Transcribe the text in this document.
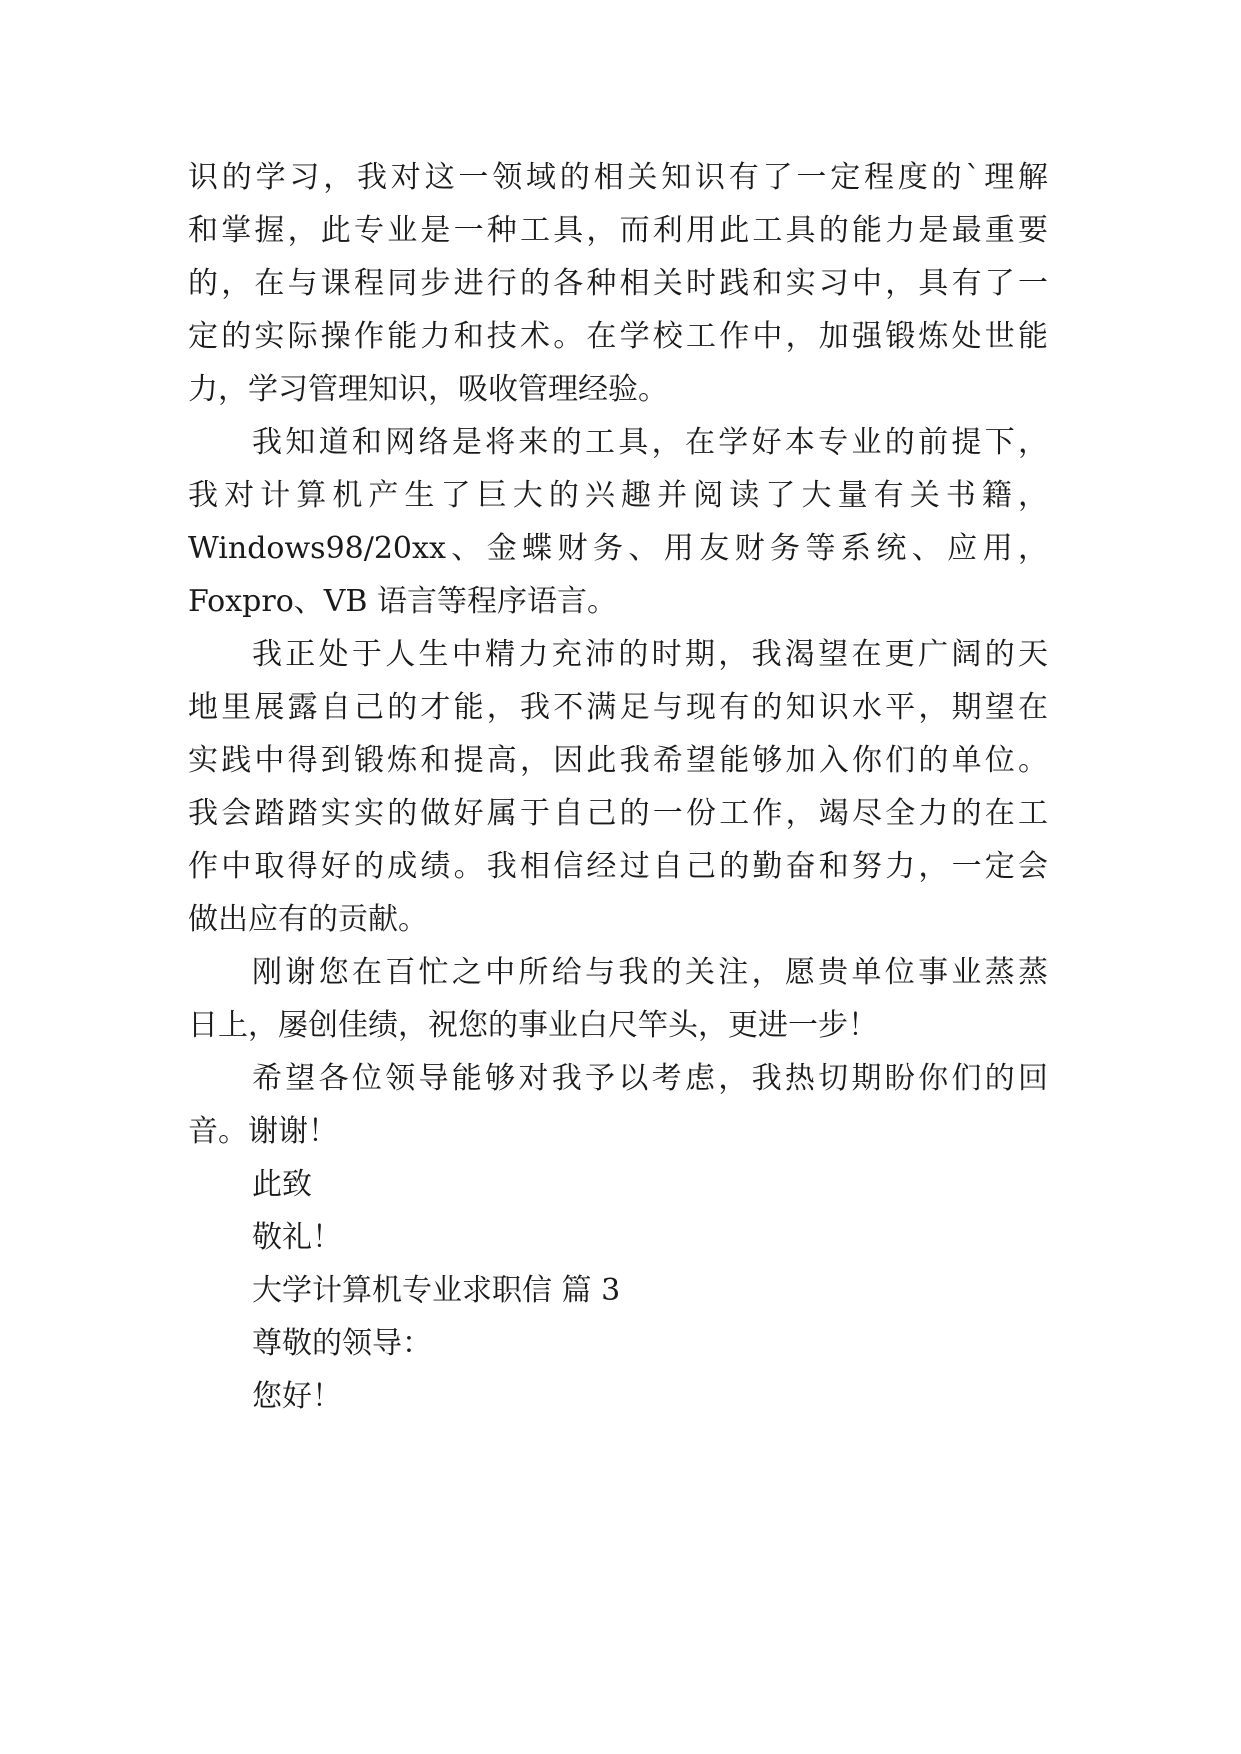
识的学习，我对这一领域的相关知识有了一定程度的`理解
和掌握，此专业是一种工具，而利用此工具的能力是最重要
的，在与课程同步进行的各种相关时践和实习中，具有了一
定的实际操作能力和技术。在学校工作中，加强锻炼处世能
力，学习管理知识，吸收管理经验。
我知道和网络是将来的工具，在学好本专业的前提下，
我对计算机产生了巨大的兴趣并阅读了大量有关书籍，
Windows98/20xx、金蝶财务、用友财务等系统、应用，
Foxpro、VB 语言等程序语言。
我正处于人生中精力充沛的时期，我渴望在更广阔的天
地里展露自己的才能，我不满足与现有的知识水平，期望在
实践中得到锻炼和提高，因此我希望能够加入你们的单位。
我会踏踏实实的做好属于自己的一份工作，竭尽全力的在工
作中取得好的成绩。我相信经过自己的勤奋和努力，一定会
做出应有的贡献。
刚谢您在百忙之中所给与我的关注，愿贵单位事业蒸蒸
日上，屡创佳绩，祝您的事业白尺竿头，更进一步！
希望各位领导能够对我予以考虑，我热切期盼你们的回
音。谢谢！
此致
敬礼！
大学计算机专业求职信 篇 3
尊敬的领导：
您好！
